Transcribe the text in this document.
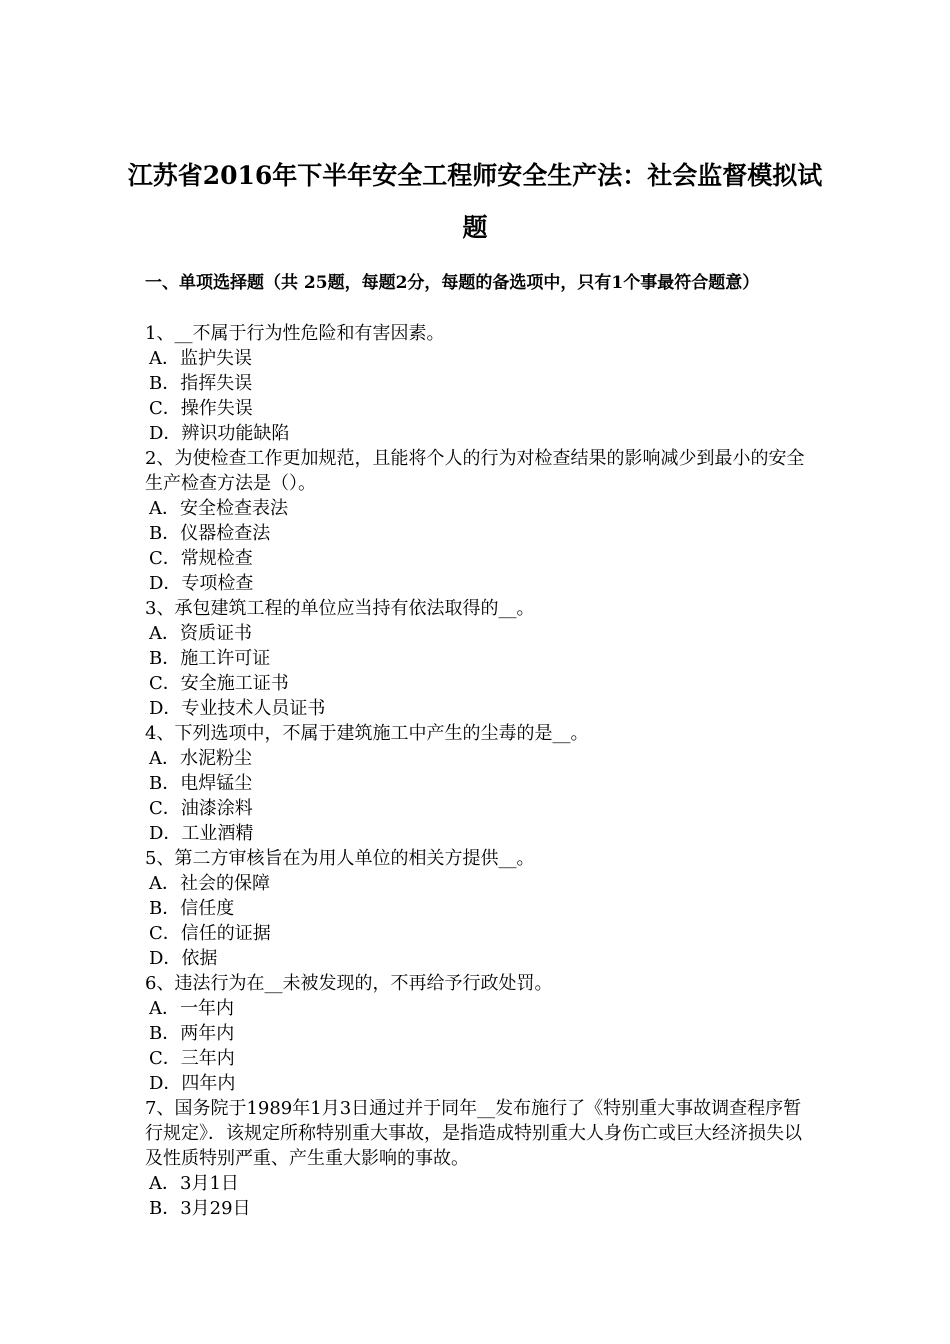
江苏省2016年下半年安全工程师安全生产法：社会监督模拟试题
一、单项选择题（共 25题，每题2分，每题的备选项中，只有1个事最符合题意）

1、__不属于行为性危险和有害因素。

A．监护失误

B．指挥失误

C．操作失误

D．辨识功能缺陷

2、为使检查工作更加规范，且能将个人的行为对检查结果的影响减少到最小的安全生产检查方法是（）。

A．安全检查表法

B．仪器检查法

C．常规检查

D．专项检查

3、承包建筑工程的单位应当持有依法取得的__。

A．资质证书

B．施工许可证

C．安全施工证书

D．专业技术人员证书

4、下列选项中，不属于建筑施工中产生的尘毒的是__。

A．水泥粉尘

B．电焊锰尘

C．油漆涂料

D．工业酒精

5、第二方审核旨在为用人单位的相关方提供__。

A．社会的保障

B．信任度

C．信任的证据

D．依据

6、违法行为在__未被发现的，不再给予行政处罚。

A．一年内

B．两年内

C．三年内

D．四年内

7、国务院于1989年1月3日通过并于同年__发布施行了《特别重大事故调查程序暂行规定》．该规定所称特别重大事故，是指造成特别重大人身伤亡或巨大经济损失以及性质特别严重、产生重大影响的事故。

A．3月1日

B．3月29日
